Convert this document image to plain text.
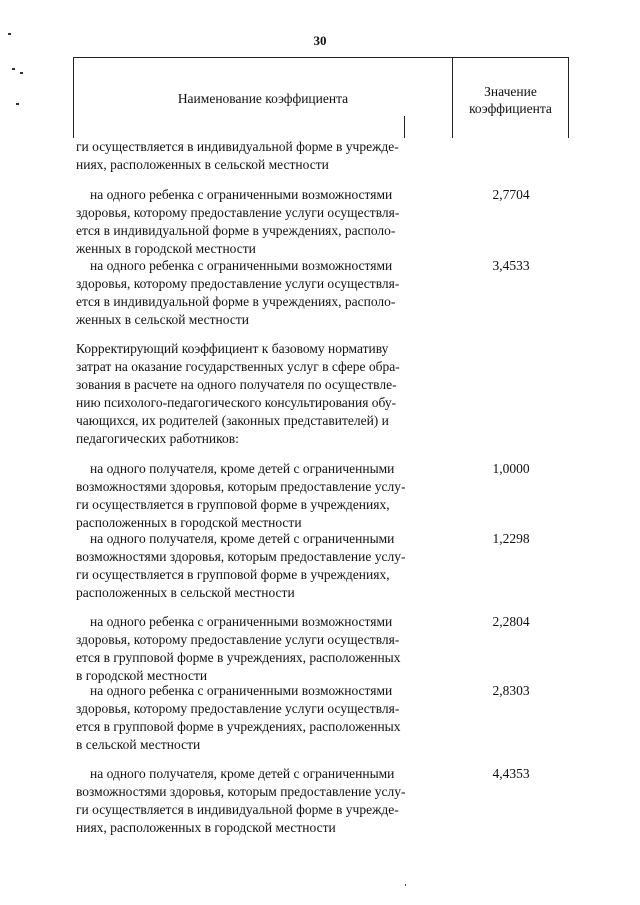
30
Наименование коэффициента	Значение
коэффициента
ги осуществляется в индивидуальной форме в учрежде-
ниях, расположенных в сельской местности
на одного ребенка с ограниченными возможностями
здоровья, которому предоставление услуги осуществля-
ется в индивидуальной форме в учреждениях, располо-
женных в городской местности
2,7704
на одного ребенка с ограниченными возможностями
здоровья, которому предоставление услуги осуществля-
ется в индивидуальной форме в учреждениях, располо-
женных в сельской местности
3,4533
Корректирующий коэффициент к базовому нормативу
затрат на оказание государственных услуг в сфере обра-
зования в расчете на одного получателя по осуществле-
нию психолого-педагогического консультирования обу-
чающихся, их родителей (законных представителей) и
педагогических работников:
на одного получателя, кроме детей с ограниченными
возможностями здоровья, которым предоставление услу-
ги осуществляется в групповой форме в учреждениях,
расположенных в городской местности
1,0000
на одного получателя, кроме детей с ограниченными
возможностями здоровья, которым предоставление услу-
ги осуществляется в групповой форме в учреждениях,
расположенных в сельской местности
1,2298
на одного ребенка с ограниченными возможностями
здоровья, которому предоставление услуги осуществля-
ется в групповой форме в учреждениях, расположенных
в городской местности
2,2804
на одного ребенка с ограниченными возможностями
здоровья, которому предоставление услуги осуществля-
ется в групповой форме в учреждениях, расположенных
в сельской местности
2,8303
на одного получателя, кроме детей с ограниченными
возможностями здоровья, которым предоставление услу-
ги осуществляется в индивидуальной форме в учрежде-
ниях, расположенных в городской местности
4,4353
